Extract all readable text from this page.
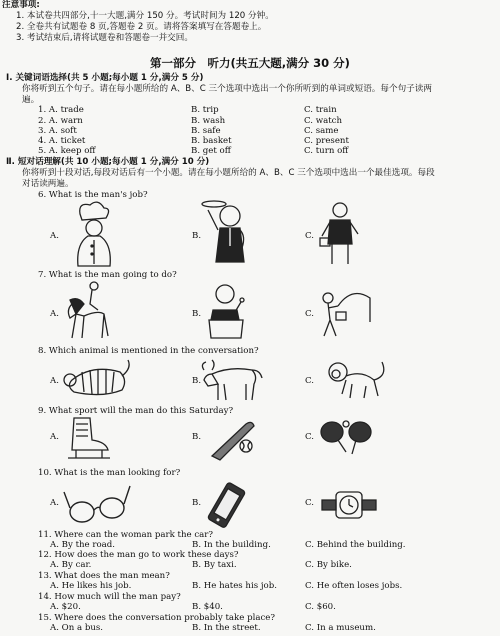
注意事项:
1. 本试卷共四部分,十一大题,满分 150 分。考试时间为 120 分钟。
2. 全卷共有试题卷 8 页,答题卷 2 页。请将答案填写在答题卷上。
3. 考试结束后,请将试题卷和答题卷一并交回。
第一部分　听力(共五大题,满分 30 分)
Ⅰ. 关键词语选择(共 5 小题;每小题 1 分,满分 5 分)
你将听到五个句子。请在每小题所给的 A、B、C 三个选项中选出一个你所听到的单词或短语。每个句子读两
遍。
1. A. trade	B. trip	C. train
2. A. warn	B. wash	C. watch
3. A. soft	B. safe	C. same
4. A. ticket	B. basket	C. present
5. A. keep off	B. get off	C. turn off
Ⅱ. 短对话理解(共 10 小题;每小题 1 分,满分 10 分)
你将听到十段对话,每段对话后有一个小题。请在每小题所给的 A、B、C 三个选项中选出一个最佳选项。每段
对话读两遍。
6. What is the man's job?
A.	B.	C.
7. What is the man going to do?
A.	B.	C.
8. Which animal is mentioned in the conversation?
A.	B.	C.
9. What sport will the man do this Saturday?
A.	B.	C.
10. What is the man looking for?
A.	B.	C.
11. Where can the woman park the car?
A. By the road.	B. In the building.	C. Behind the building.
12. How does the man go to work these days?
A. By car.	B. By taxi.	C. By bike.
13. What does the man mean?
A. He likes his job.	B. He hates his job.	C. He often loses jobs.
14. How much will the man pay?
A. $20.	B. $40.	C. $60.
15. Where does the conversation probably take place?
A. On a bus.	B. In the street.	C. In a museum.
